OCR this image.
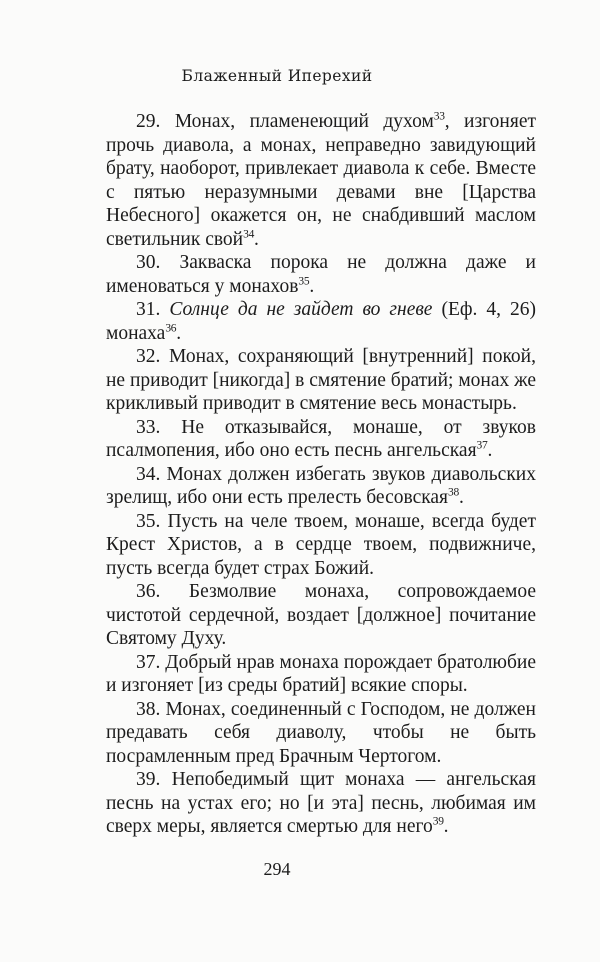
Блаженный Иперехий

29. Монах, пламенеющий духом$^{33}$, изгоняет прочь диавола, а монах, неправедно завидующий брату, наоборот, привлекает диавола к себе. Вместе с пятью неразумными девами вне [Царства Небесного] окажется он, не снабдивший маслом светильник свой$^{34}$.

30. Закваска порока не должна даже и именоваться у монахов$^{35}$.

31. Солнце да не зайдет во гневе (Еф. 4, 26) монаха$^{36}$.

32. Монах, сохраняющий [внутренний] покой, не приводит [никогда] в смятение братий; монах же крикливый приводит в смятение весь монастырь.

33. Не отказывайся, монаше, от звуков псалмопения, ибо оно есть песнь ангельская$^{37}$.

34. Монах должен избегать звуков диавольских зрелищ, ибо они есть прелесть бесовская$^{38}$.

35. Пусть на челе твоем, монаше, всегда будет Крест Христов, а в сердце твоем, подвижниче, пусть всегда будет страх Божий.

36. Безмолвие монаха, сопровождаемое чистотой сердечной, воздает [должное] почитание Святому Духу.

37. Добрый нрав монаха порождает братолюбие и изгоняет [из среды братий] всякие споры.

38. Монах, соединенный с Господом, не должен предавать себя диаволу, чтобы не быть посрамленным пред Брачным Чертогом.

39. Непобедимый щит монаха — ангельская песнь на устах его; но [и эта] песнь, любимая им сверх меры, является смертью для него$^{39}$.

294
